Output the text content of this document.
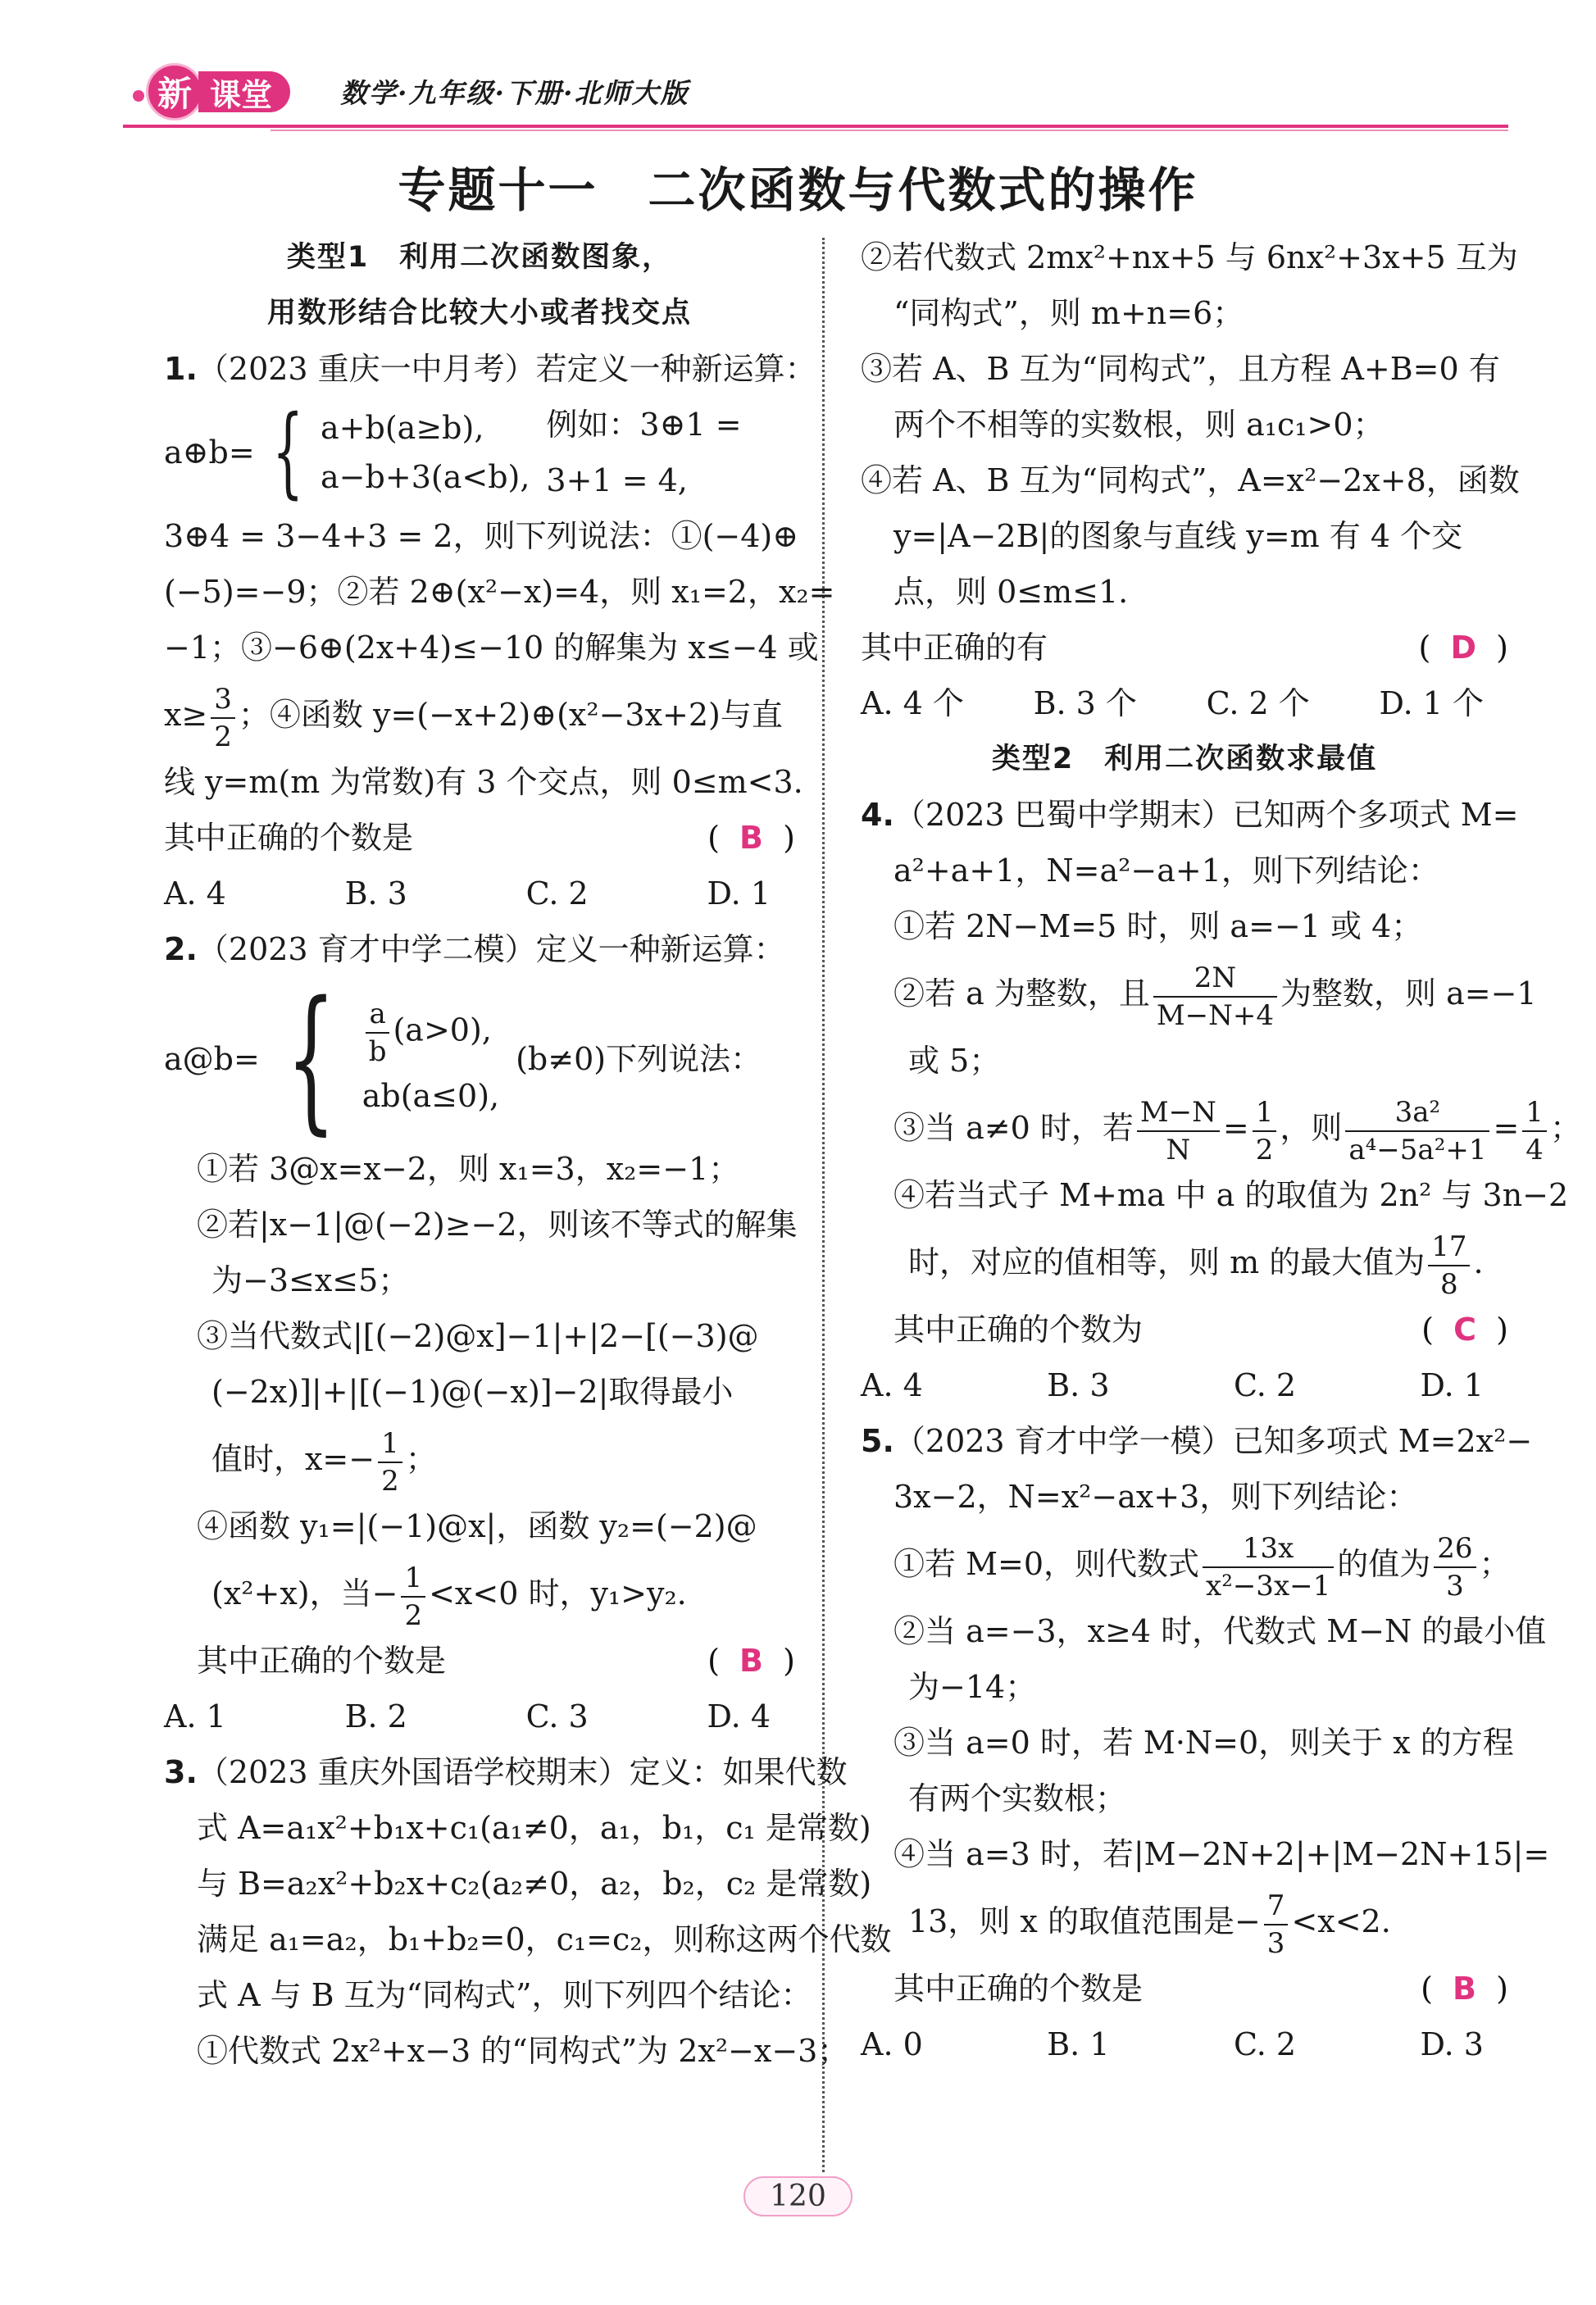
新 课堂	数学·九年级·下册·北师大版
专题十一　二次函数与代数式的操作
类型1　利用二次函数图象，
用数形结合比较大小或者找交点
1.（2023 重庆一中月考）若定义一种新运算：
a⊕b= { a+b(a≥b),
a−b+3(a<b),
例如：3⊕1 = 3+1 = 4,
3⊕4 = 3−4+3 = 2，则下列说法：①(−4)⊕
(−5)=−9；②若 2⊕(x²−x)=4，则 x₁=2，x₂=
−1；③−6⊕(2x+4)≤−10 的解集为 x≤−4 或
$x\ge \frac{3}{2}$ ；④函数 y=(−x+2)⊕(x²−3x+2)与直
线 y=m(m 为常数)有 3 个交点，则 0≤m<3.
其中正确的个数是	(  B  )
A. 4	B. 3	C. 2	D. 1
2.（2023 育才中学二模）定义一种新运算：
a@b= { $\frac{a}{b} (a>0)$,
ab(a≤0),
(b≠0)下列说法：
①若 3@x=x−2，则 x₁=3，x₂=−1；
②若|x−1|@(−2)≥−2，则该不等式的解集
为−3≤x≤5；
③当代数式|[(−2)@x]−1|+|2−[(−3)@
(−2x)]|+|[(−1)@(−x)]−2|取得最小
值时，$x=- \frac{1}{2}$ ；
④函数 y₁=|(−1)@x|，函数 y₂=(−2)@
(x²+x)，当− $\frac{1}{2} <x<0$ 时，y₁>y₂.
其中正确的个数是	(  B  )
A. 1	B. 2	C. 3	D. 4
3.（2023 重庆外国语学校期末）定义：如果代数
式 A=a₁x²+b₁x+c₁(a₁≠0，a₁，b₁，c₁ 是常数)
与 B=a₂x²+b₂x+c₂(a₂≠0，a₂，b₂，c₂ 是常数)
满足 a₁=a₂，b₁+b₂=0，c₁=c₂，则称这两个代数
式 A 与 B 互为“同构式”，则下列四个结论：
①代数式 2x²+x−3 的“同构式”为 2x²−x−3；
②若代数式 2mx²+nx+5 与 6nx²+3x+5 互为
“同构式”，则 m+n=6；
③若 A、B 互为“同构式”，且方程 A+B=0 有
两个不相等的实数根，则 a₁c₁>0；
④若 A、B 互为“同构式”，A=x²−2x+8，函数
y=|A−2B|的图象与直线 y=m 有 4 个交
点，则 0≤m≤1.
其中正确的有	(  D  )
A. 4 个 B. 3 个 C. 2 个 D. 1 个
类型2　利用二次函数求最值
4.（2023 巴蜀中学期末）已知两个多项式 M=
a²+a+1，N=a²−a+1，则下列结论：
①若 2N−M=5 时，则 a=−1 或 4；
②若 a 为整数，且 $\frac{2N}{M-N+4}$ 为整数，则 a=−1
或 5；
③当 a≠0 时，若 $\frac{M-N}{N} = \frac{1}{2}$ ，则 $\frac{\text{3a²}}{\text{a⁴−5a²+1}} = \frac{1}{4}$ ；
④若当式子 M+ma 中 a 的取值为 2n² 与 3n−2
时，对应的值相等，则 m 的最大值为 $\frac{17}{8}$ .
其中正确的个数为	(  C  )
A. 4	B. 3	C. 2	D. 1
5.（2023 育才中学一模）已知多项式 M=2x²−
3x−2，N=x²−ax+3，则下列结论：
①若 M=0，则代数式 $\frac{13x}{\text{x²−3x−1}}$ 的值为 $\frac{26}{3}$ ；
②当 a=−3，x≥4 时，代数式 M−N 的最小值
为−14；
③当 a=0 时，若 M·N=0，则关于 x 的方程
有两个实数根；
④当 a=3 时，若|M−2N+2|+|M−2N+15|=
13，则 x 的取值范围是− $\frac{7}{3} <x<2$.
其中正确的个数是	(  B  )
A. 0	B. 1	C. 2	D. 3
120
